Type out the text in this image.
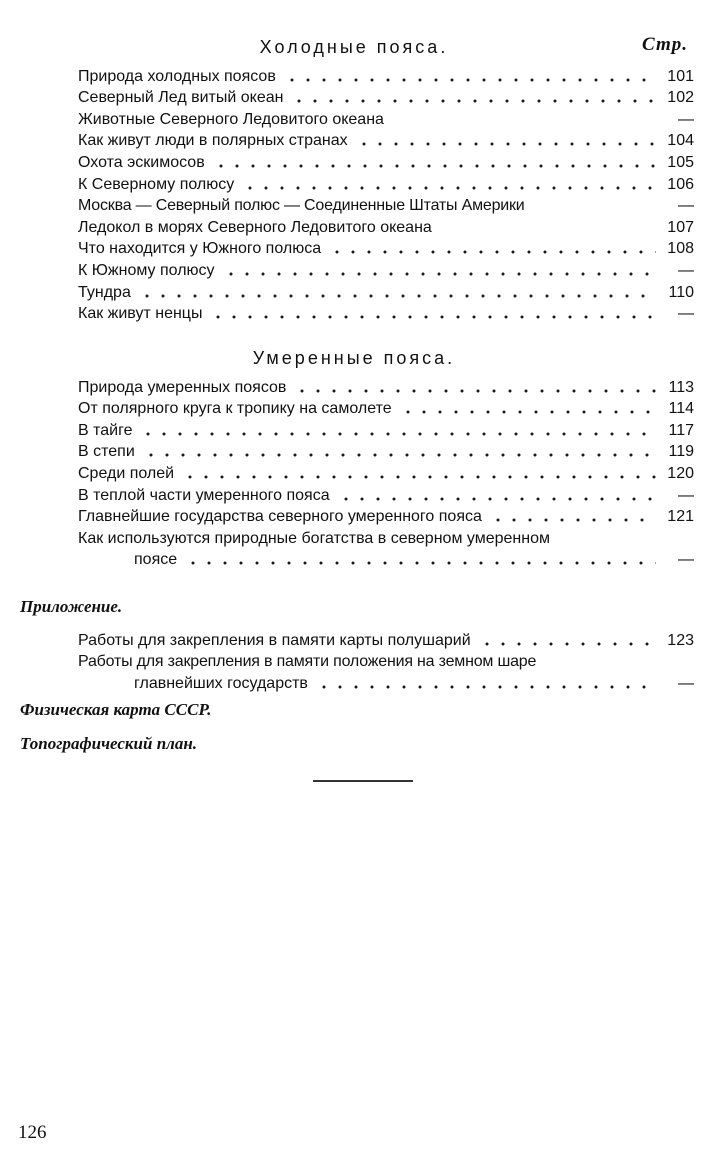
Стр.
Холодные пояса.
Природа холодных поясов	101
Северный Лед витый океан	102
Животные Северного Ледовитого океана	—
Как живут люди в полярных странах	104
Охота эскимосов	105
К Северному полюсу	106
Москва — Северный полюс — Соединенные Штаты Америки	—
Ледокол в морях Северного Ледовитого океана	107
Что находится у Южного полюса	108
К Южному полюсу	—
Тундра	110
Как живут ненцы	—
Умеренные пояса.
Природа умеренных поясов	113
От полярного круга к тропику на самолете	114
В тайге	117
В степи	119
Среди полей	120
В теплой части умеренного пояса	—
Главнейшие государства северного умеренного пояса	121
Как используются природные богатства в северном умеренном
поясе	—
Приложение.
Работы для закрепления в памяти карты полушарий	123
Работы для закрепления в памяти положения на земном шаре
главнейших государств	—
Физическая карта СССР.
Топографический план.
126
